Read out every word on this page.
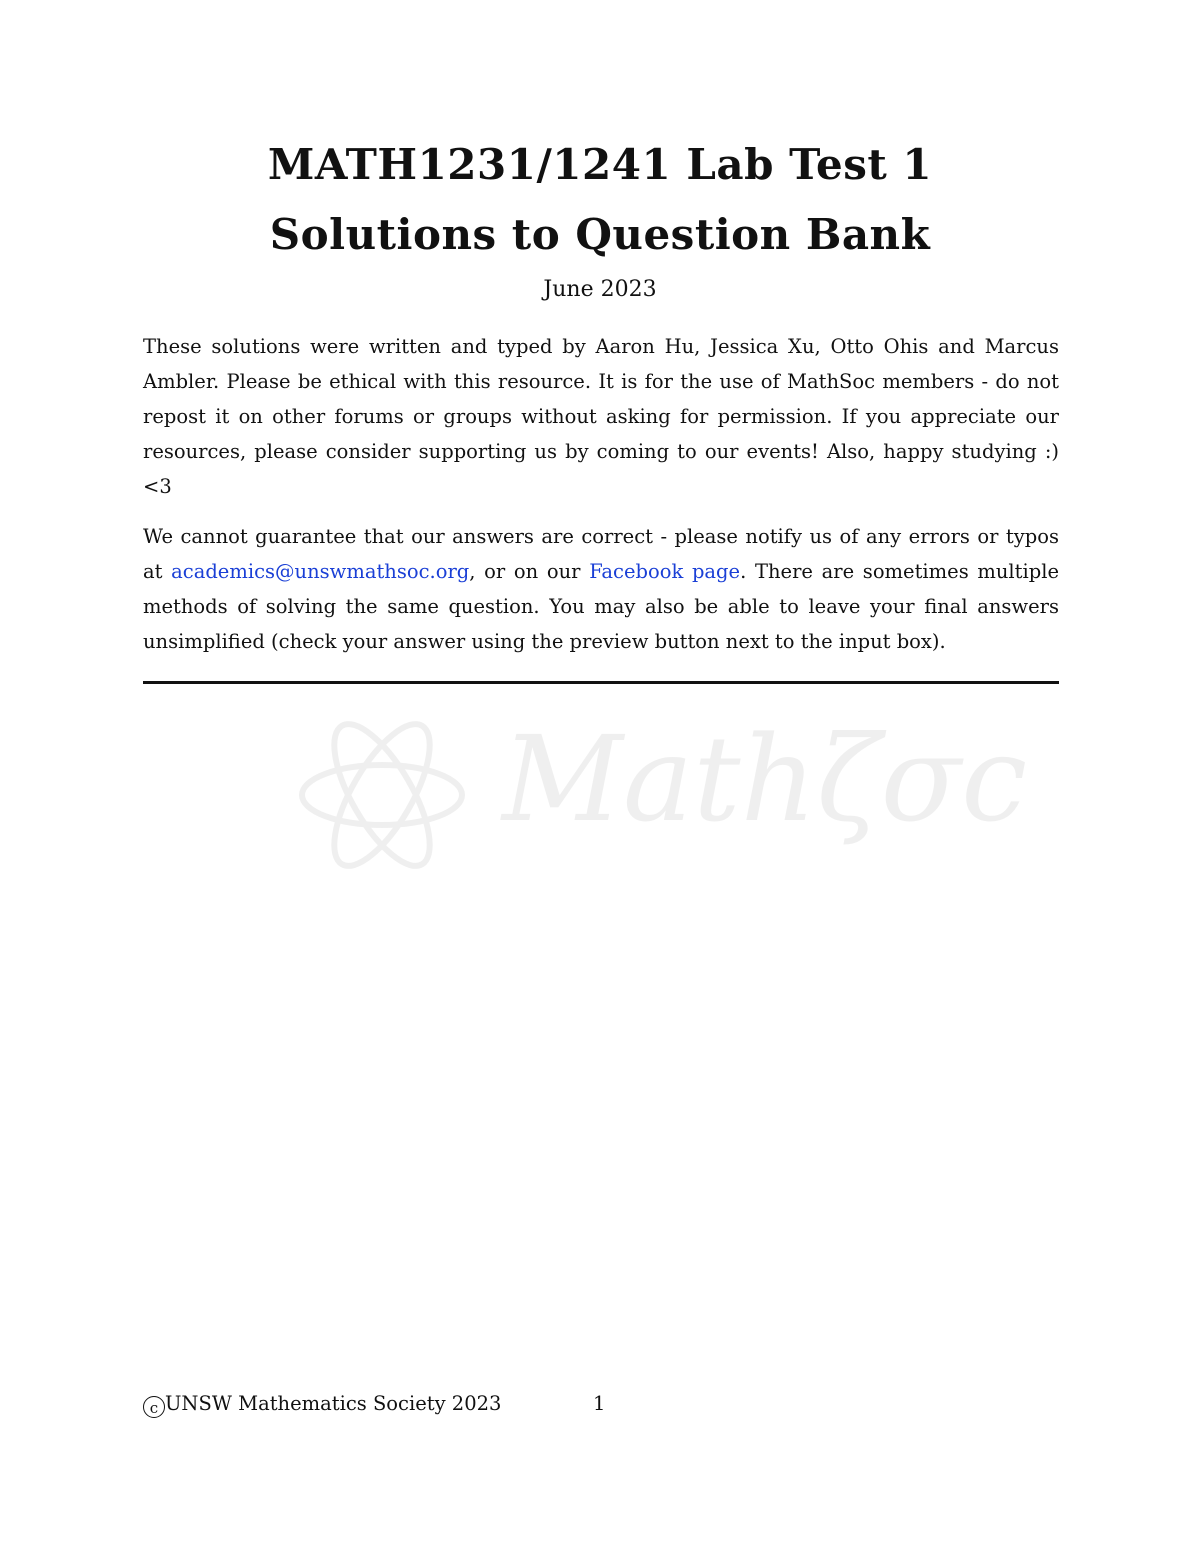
MATH1231/1241 Lab Test 1
Solutions to Question Bank
June 2023
These solutions were written and typed by Aaron Hu, Jessica Xu, Otto Ohis and Marcus Ambler. Please be ethical with this resource. It is for the use of MathSoc members - do not repost it on other forums or groups without asking for permission. If you appreciate our resources, please consider supporting us by coming to our events! Also, happy studying :) <3
We cannot guarantee that our answers are correct - please notify us of any errors or typos at academics@unswmathsoc.org, or on our Facebook page. There are sometimes multiple methods of solving the same question. You may also be able to leave your final answers unsimplified (check your answer using the preview button next to the input box).
Mathζσc
c UNSW Mathematics Society 2023	1
